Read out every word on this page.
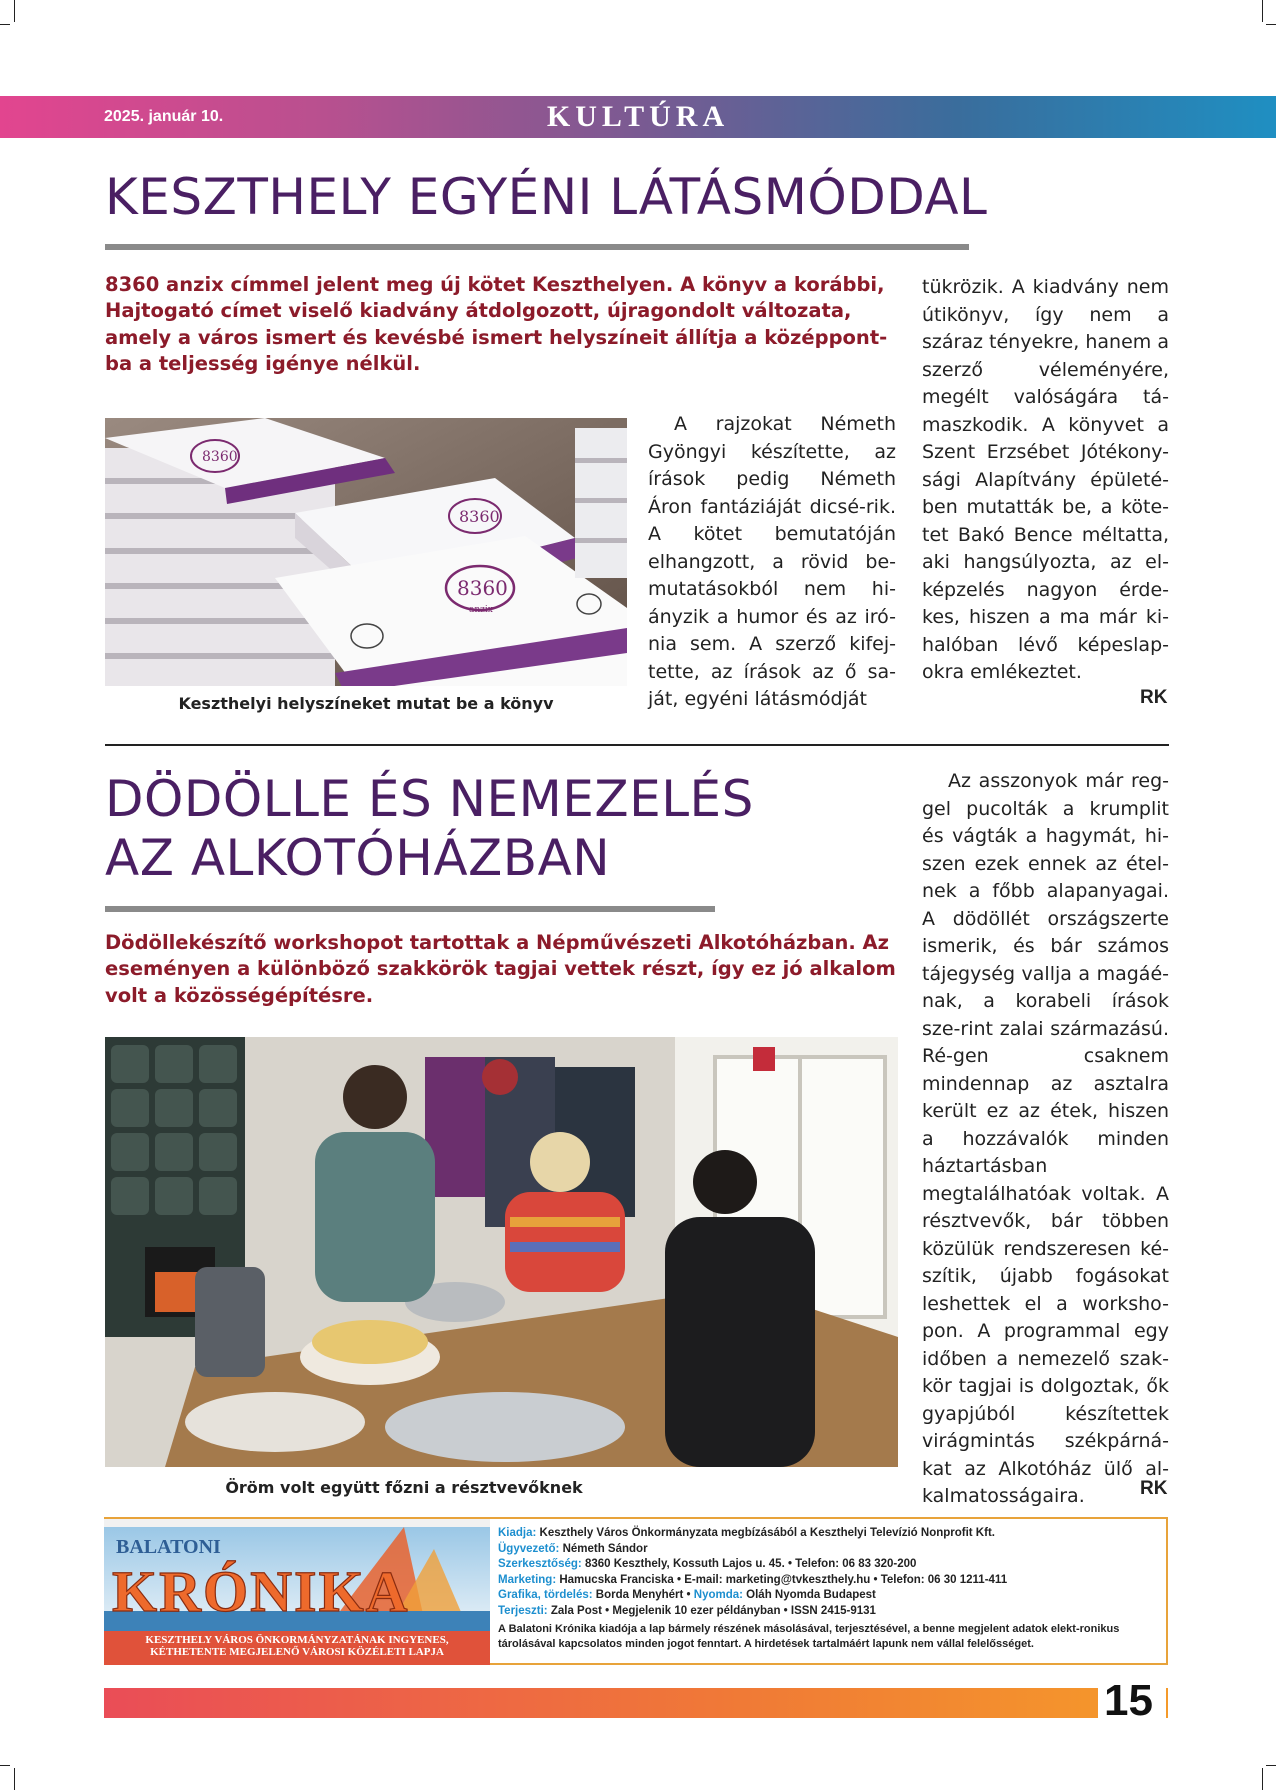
2025. január 10.	KULTÚRA
KESZTHELY EGYÉNI LÁTÁSMÓDDAL

8360 anzix címmel jelent meg új kötet Keszthelyen. A könyv a korábbi, Hajtogató címet viselő kiadvány átdolgozott, újragondolt változata, amely a város ismert és kevésbé ismert helyszíneit állítja a középpont-ba a teljesség igénye nélkül.

8360
8360
8360
anzix
Keszthelyi helyszíneket mutat be a könyv

A rajzokat Németh Gyöngyi készítette, az írások pedig Németh Áron fantáziáját dicsé-rik. A kötet bemutatóján elhangzott, a rövid be-mutatásokból nem hi-ányzik a humor és az iró-nia sem. A szerző kifej-tette, az írások az ő sa-ját, egyéni látásmódját

tükrözik. A kiadvány nem útikönyv, így nem a száraz tényekre, hanem a szerző véleményére, megélt valóságára tá-maszkodik. A könyvet a Szent Erzsébet Jótékony-sági Alapítvány épületé-ben mutatták be, a köte-tet Bakó Bence méltatta, aki hangsúlyozta, az el-képzelés nagyon érde-kes, hiszen a ma már ki-halóban lévő képeslap-okra emlékeztet.

RK
DÖDÖLLE ÉS NEMEZELÉS
AZ ALKOTÓHÁZBAN

Dödöllekészítő workshopot tartottak a Népművészeti Alkotóházban. Az eseményen a különböző szakkörök tagjai vettek részt, így ez jó alkalom volt a közösségépítésre.

Öröm volt együtt főzni a résztvevőknek

Az asszonyok már reg-gel pucolták a krumplit és vágták a hagymát, hi-szen ezek ennek az étel-nek a főbb alapanyagai. A dödöllét országszerte ismerik, és bár számos tájegység vallja a magáé-nak, a korabeli írások sze-rint zalai származású. Ré-gen csaknem mindennap az asztalra került ez az étek, hiszen a hozzávalók minden háztartásban megtalálhatóak voltak. A résztvevők, bár többen közülük rendszeresen ké-szítik, újabb fogásokat leshettek el a worksho-pon. A programmal egy időben a nemezelő szak-kör tagjai is dolgoztak, ők gyapjúból készítettek virágmintás székpárná-kat az Alkotóház ülő al-kalmatosságaira.	RK
BALATONI
KRÓNIKA
KESZTHELY VÁROS ÖNKORMÁNYZATÁNAK INGYENES,
KÉTHETENTE MEGJELENŐ VÁROSI KÖZÉLETI LAPJA
Kiadja: Keszthely Város Önkormányzata megbízásából a Keszthelyi Televízió Nonprofit Kft.
Ügyvezető: Németh Sándor
Szerkesztőség: 8360 Keszthely, Kossuth Lajos u. 45. • Telefon: 06 83 320-200
Marketing: Hamucska Franciska • E-mail: marketing@tvkeszthely.hu • Telefon: 06 30 1211-411
Grafika, tördelés: Borda Menyhért • Nyomda: Oláh Nyomda Budapest
Terjeszti: Zala Post • Megjelenik 10 ezer példányban • ISSN 2415-9131
A Balatoni Krónika kiadója a lap bármely részének másolásával, terjesztésével, a benne megjelent adatok elekt-ronikus tárolásával kapcsolatos minden jogot fenntart. A hirdetések tartalmáért lapunk nem vállal felelősséget.
15
